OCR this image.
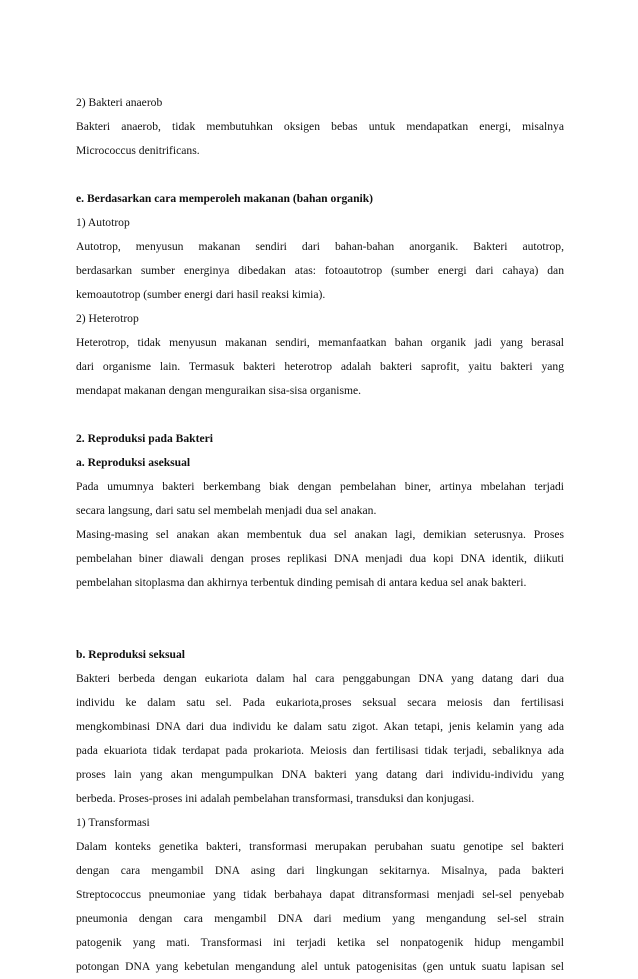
2) Bakteri anaerob
Bakteri anaerob, tidak membutuhkan oksigen bebas untuk mendapatkan energi, misalnya
Micrococcus denitrificans.
e. Berdasarkan cara memperoleh makanan (bahan organik)
1) Autotrop
Autotrop, menyusun makanan sendiri dari bahan-bahan anorganik. Bakteri autotrop,
berdasarkan sumber energinya dibedakan atas: fotoautotrop (sumber energi dari cahaya) dan
kemoautotrop (sumber energi dari hasil reaksi kimia).
2) Heterotrop
Heterotrop, tidak menyusun makanan sendiri, memanfaatkan bahan organik jadi yang berasal
dari organisme lain. Termasuk bakteri heterotrop adalah bakteri saprofit, yaitu bakteri yang
mendapat makanan dengan menguraikan sisa-sisa organisme.
2. Reproduksi pada Bakteri
a. Reproduksi aseksual
Pada umumnya bakteri berkembang biak dengan pembelahan biner, artinya mbelahan terjadi
secara langsung, dari satu sel membelah menjadi dua sel anakan.
Masing-masing sel anakan akan membentuk dua sel anakan lagi, demikian seterusnya. Proses
pembelahan biner diawali dengan proses replikasi DNA menjadi dua kopi DNA identik, diikuti
pembelahan sitoplasma dan akhirnya terbentuk dinding pemisah di antara kedua sel anak bakteri.
b. Reproduksi seksual
Bakteri berbeda dengan eukariota dalam hal cara penggabungan DNA yang datang dari dua
individu ke dalam satu sel. Pada eukariota,proses seksual secara meiosis dan fertilisasi
mengkombinasi DNA dari dua individu ke dalam satu zigot. Akan tetapi, jenis kelamin yang ada
pada ekuariota tidak terdapat pada prokariota. Meiosis dan fertilisasi tidak terjadi, sebaliknya ada
proses lain yang akan mengumpulkan DNA bakteri yang datang dari individu-individu yang
berbeda. Proses-proses ini adalah pembelahan transformasi, transduksi dan konjugasi.
1) Transformasi
Dalam konteks genetika bakteri, transformasi merupakan perubahan suatu genotipe sel bakteri
dengan cara mengambil DNA asing dari lingkungan sekitarnya. Misalnya, pada bakteri
Streptococcus pneumoniae yang tidak berbahaya dapat ditransformasi menjadi sel-sel penyebab
pneumonia dengan cara mengambil DNA dari medium yang mengandung sel-sel strain
patogenik yang mati. Transformasi ini terjadi ketika sel nonpatogenik hidup mengambil
potongan DNA yang kebetulan mengandung alel untuk patogenisitas (gen untuk suatu lapisan sel
